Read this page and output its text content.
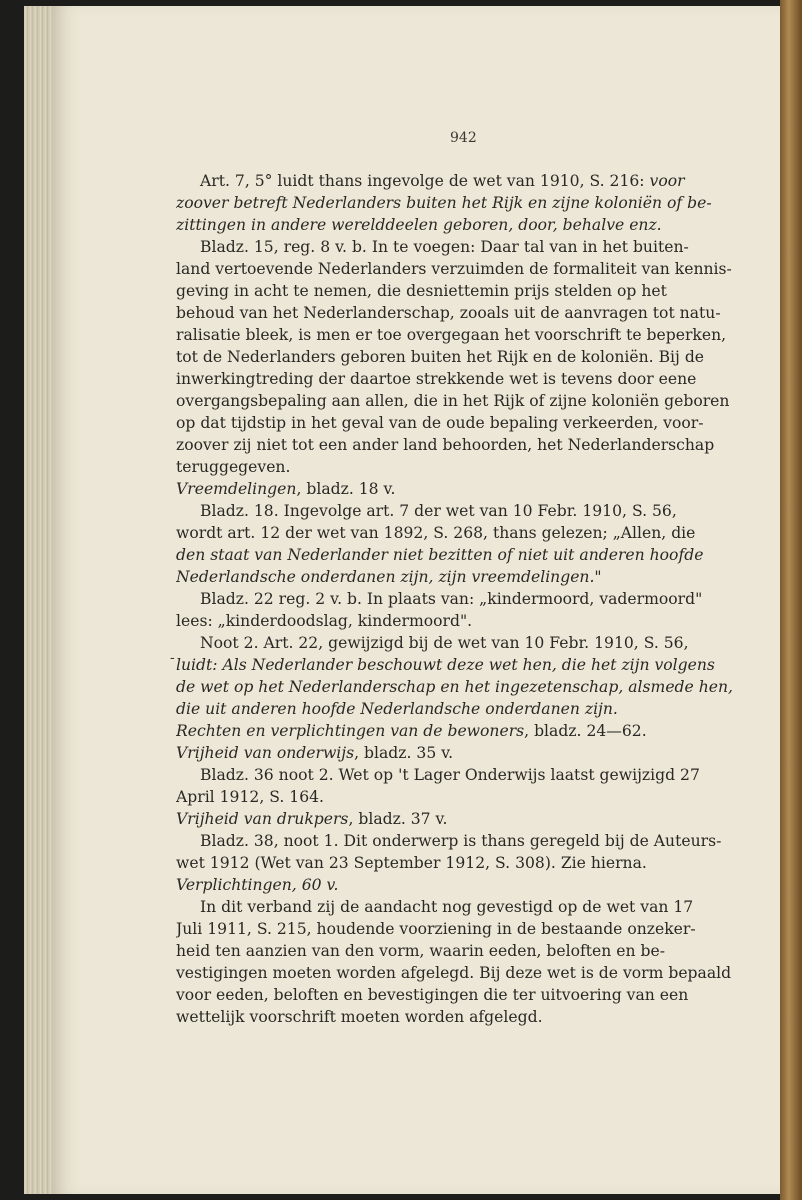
942
-

Art. 7, 5° luidt thans ingevolge de wet van 1910, S. 216: voor
zoover betreft Nederlanders buiten het Rijk en zijne koloniën of be-
zittingen in andere werelddeelen geboren, door, behalve enz.

Bladz. 15, reg. 8 v. b. In te voegen: Daar tal van in het buiten-
land vertoevende Nederlanders verzuimden de formaliteit van kennis-
geving in acht te nemen, die desniettemin prijs stelden op het
behoud van het Nederlanderschap, zooals uit de aanvragen tot natu-
ralisatie bleek, is men er toe overgegaan het voorschrift te beperken,
tot de Nederlanders geboren buiten het Rijk en de koloniën. Bij de
inwerkingtreding der daartoe strekkende wet is tevens door eene
overgangsbepaling aan allen, die in het Rijk of zijne koloniën geboren
op dat tijdstip in het geval van de oude bepaling verkeerden, voor-
zoover zij niet tot een ander land behoorden, het Nederlanderschap
teruggegeven.

Vreemdelingen, bladz. 18 v.

Bladz. 18. Ingevolge art. 7 der wet van 10 Febr. 1910, S. 56,
wordt art. 12 der wet van 1892, S. 268, thans gelezen; „Allen, die
den staat van Nederlander niet bezitten of niet uit anderen hoofde
Nederlandsche onderdanen zijn, zijn vreemdelingen."

Bladz. 22 reg. 2 v. b. In plaats van: „kindermoord, vadermoord"
lees: „kinderdoodslag, kindermoord".

Noot 2. Art. 22, gewijzigd bij de wet van 10 Febr. 1910, S. 56,
luidt: Als Nederlander beschouwt deze wet hen, die het zijn volgens
de wet op het Nederlanderschap en het ingezetenschap, alsmede hen,
die uit anderen hoofde Nederlandsche onderdanen zijn.

Rechten en verplichtingen van de bewoners, bladz. 24—62.

Vrijheid van onderwijs, bladz. 35 v.

Bladz. 36 noot 2. Wet op 't Lager Onderwijs laatst gewijzigd 27
April 1912, S. 164.

Vrijheid van drukpers, bladz. 37 v.

Bladz. 38, noot 1. Dit onderwerp is thans geregeld bij de Auteurs-
wet 1912 (Wet van 23 September 1912, S. 308). Zie hierna.

Verplichtingen, 60 v.

In dit verband zij de aandacht nog gevestigd op de wet van 17
Juli 1911, S. 215, houdende voorziening in de bestaande onzeker-
heid ten aanzien van den vorm, waarin eeden, beloften en be-
vestigingen moeten worden afgelegd. Bij deze wet is de vorm bepaald
voor eeden, beloften en bevestigingen die ter uitvoering van een
wettelijk voorschrift moeten worden afgelegd.
